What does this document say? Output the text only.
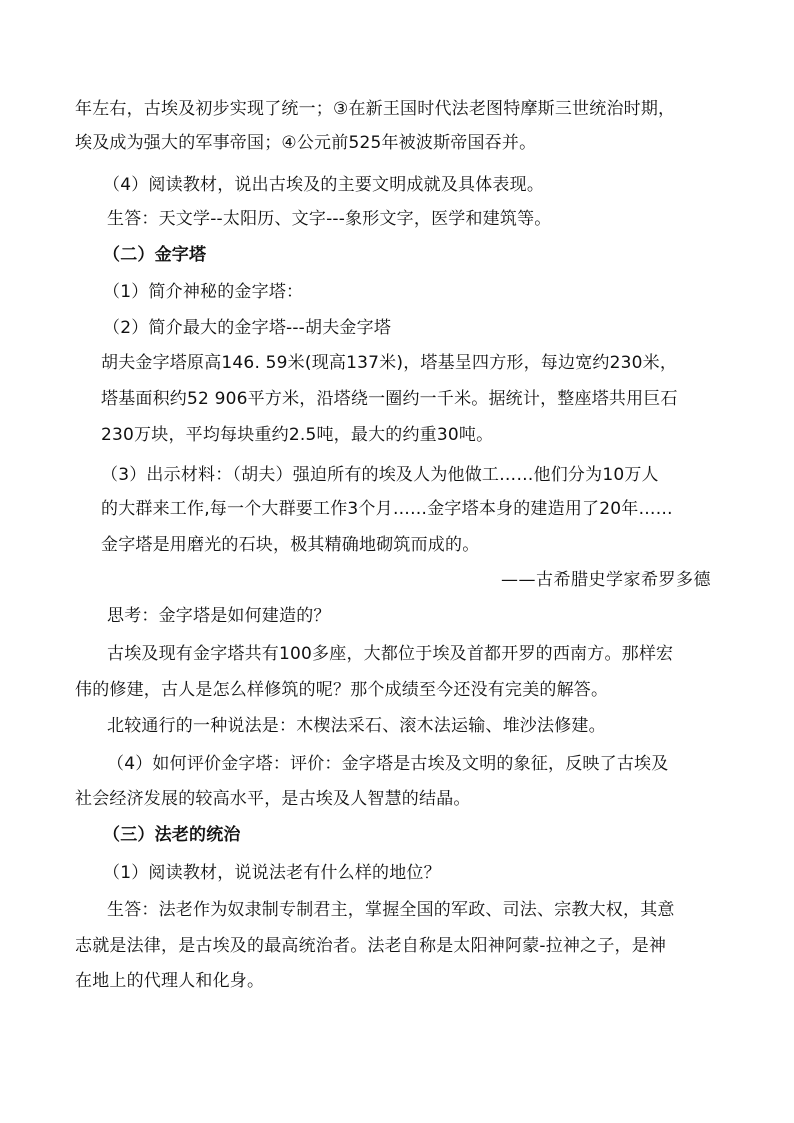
年左右，古埃及初步实现了统一；③在新王国时代法老图特摩斯三世统治时期，
埃及成为强大的军事帝国；④公元前525年被波斯帝国吞并。
（4）阅读教材，说出古埃及的主要文明成就及具体表现。
生答：天文学--太阳历、文字---象形文字，医学和建筑等。
（二）金字塔
（1）简介神秘的金字塔：
（2）简介最大的金字塔---胡夫金字塔
胡夫金字塔原高146. 59米(现高137米)，塔基呈四方形，每边宽约230米，
塔基面积约52 906平方米，沿塔绕一圈约一千米。据统计，整座塔共用巨石
230万块，平均每块重约2.5吨，最大的约重30吨。
（3）出示材料：（胡夫）强迫所有的埃及人为他做工……他们分为10万人
的大群来工作,每一个大群要工作3个月……金字塔本身的建造用了20年……
金字塔是用磨光的石块，极其精确地砌筑而成的。
——古希腊史学家希罗多德
思考：金字塔是如何建造的？
古埃及现有金字塔共有100多座，大都位于埃及首都开罗的西南方。那样宏
伟的修建，古人是怎么样修筑的呢？那个成绩至今还没有完美的解答。
北较通行的一种说法是：木楔法采石、滚木法运输、堆沙法修建。
（4）如何评价金字塔：评价：金字塔是古埃及文明的象征，反映了古埃及
社会经济发展的较高水平，是古埃及人智慧的结晶。
（三）法老的统治
（1）阅读教材，说说法老有什么样的地位？
生答：法老作为奴隶制专制君主，掌握全国的军政、司法、宗教大权，其意
志就是法律，是古埃及的最高统治者。法老自称是太阳神阿蒙-拉神之子，是神
在地上的代理人和化身。
